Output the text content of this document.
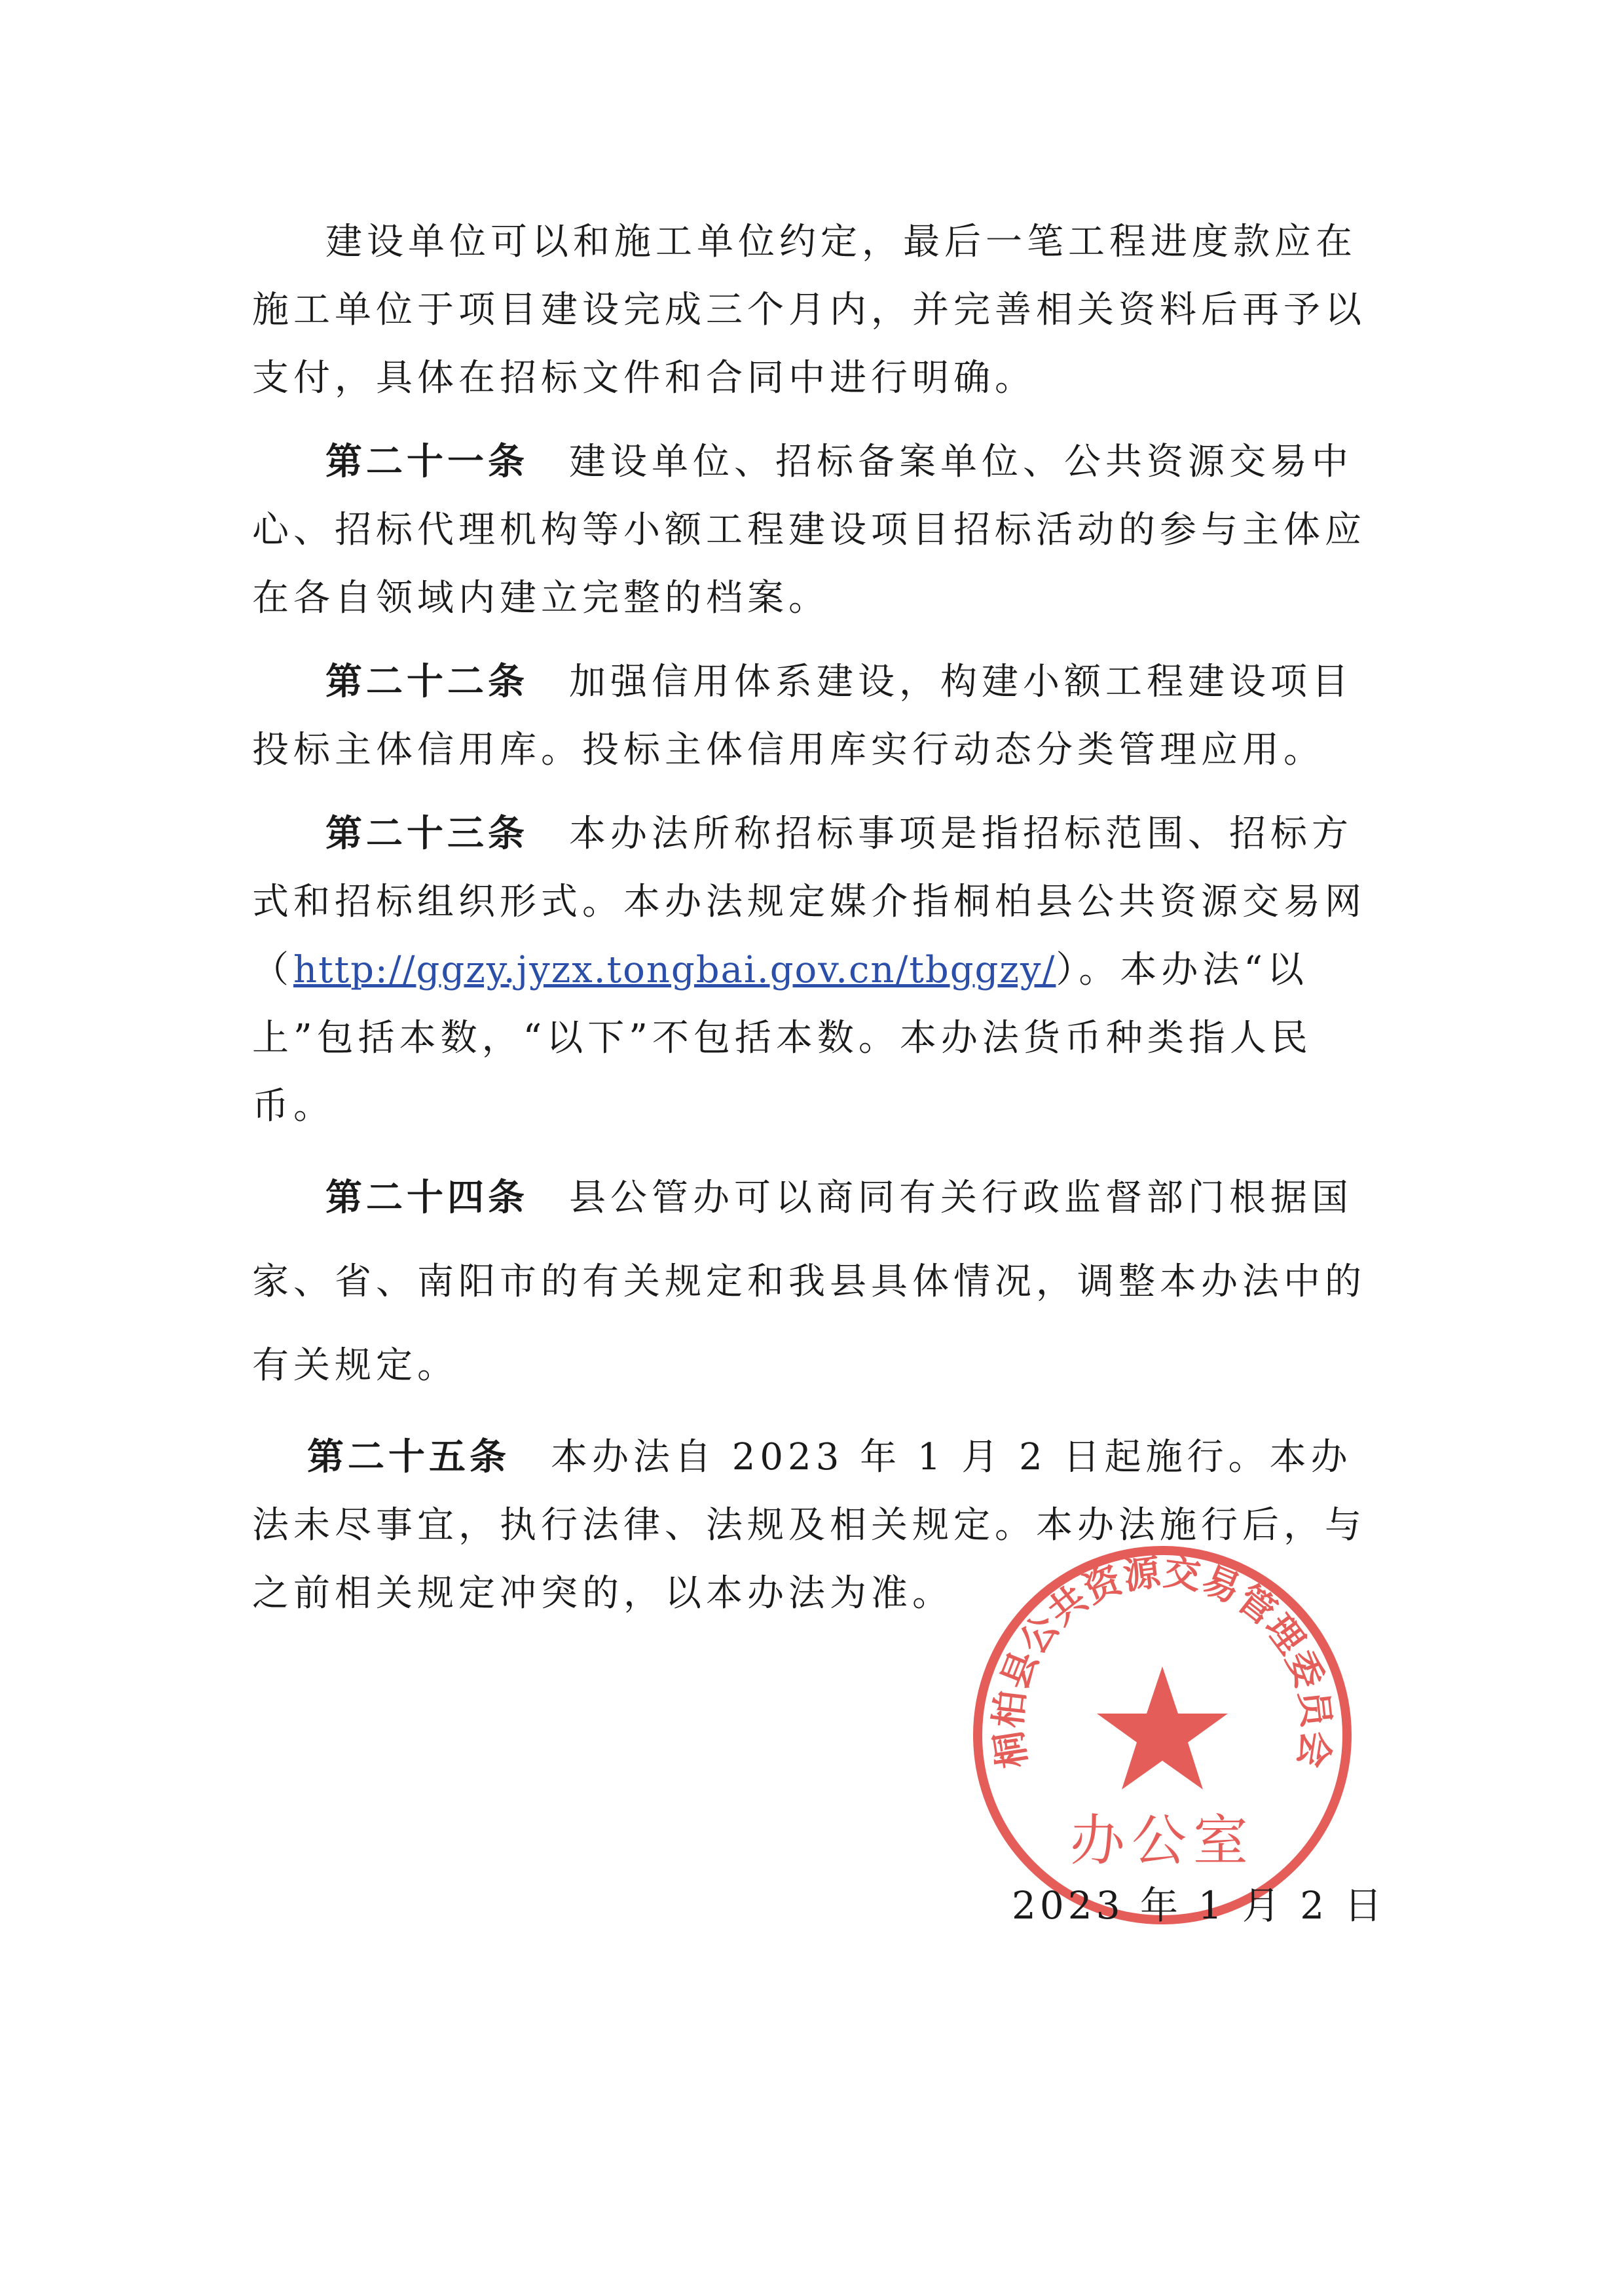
建设单位可以和施工单位约定，最后一笔工程进度款应在施工单位于项目建设完成三个月内，并完善相关资料后再予以支付，具体在招标文件和合同中进行明确。

第二十一条 建设单位、招标备案单位、公共资源交易中心、招标代理机构等小额工程建设项目招标活动的参与主体应在各自领域内建立完整的档案。

第二十二条 加强信用体系建设，构建小额工程建设项目投标主体信用库。投标主体信用库实行动态分类管理应用。

第二十三条 本办法所称招标事项是指招标范围、招标方式和招标组织形式。本办法规定媒介指桐柏县公共资源交易网（http://ggzy.jyzx.tongbai.gov.cn/tbggzy/）。本办法“以上”包括本数，“以下”不包括本数。本办法货币种类指人民币。

第二十四条 县公管办可以商同有关行政监督部门根据国家、省、南阳市的有关规定和我县具体情况，调整本办法中的有关规定。

第二十五条 本办法自 2023 年 1 月 2 日起施行。本办法未尽事宜，执行法律、法规及相关规定。本办法施行后，与之前相关规定冲突的，以本办法为准。

桐柏县公共资源交易管理委员会
办公室
2023 年 1 月 2 日
